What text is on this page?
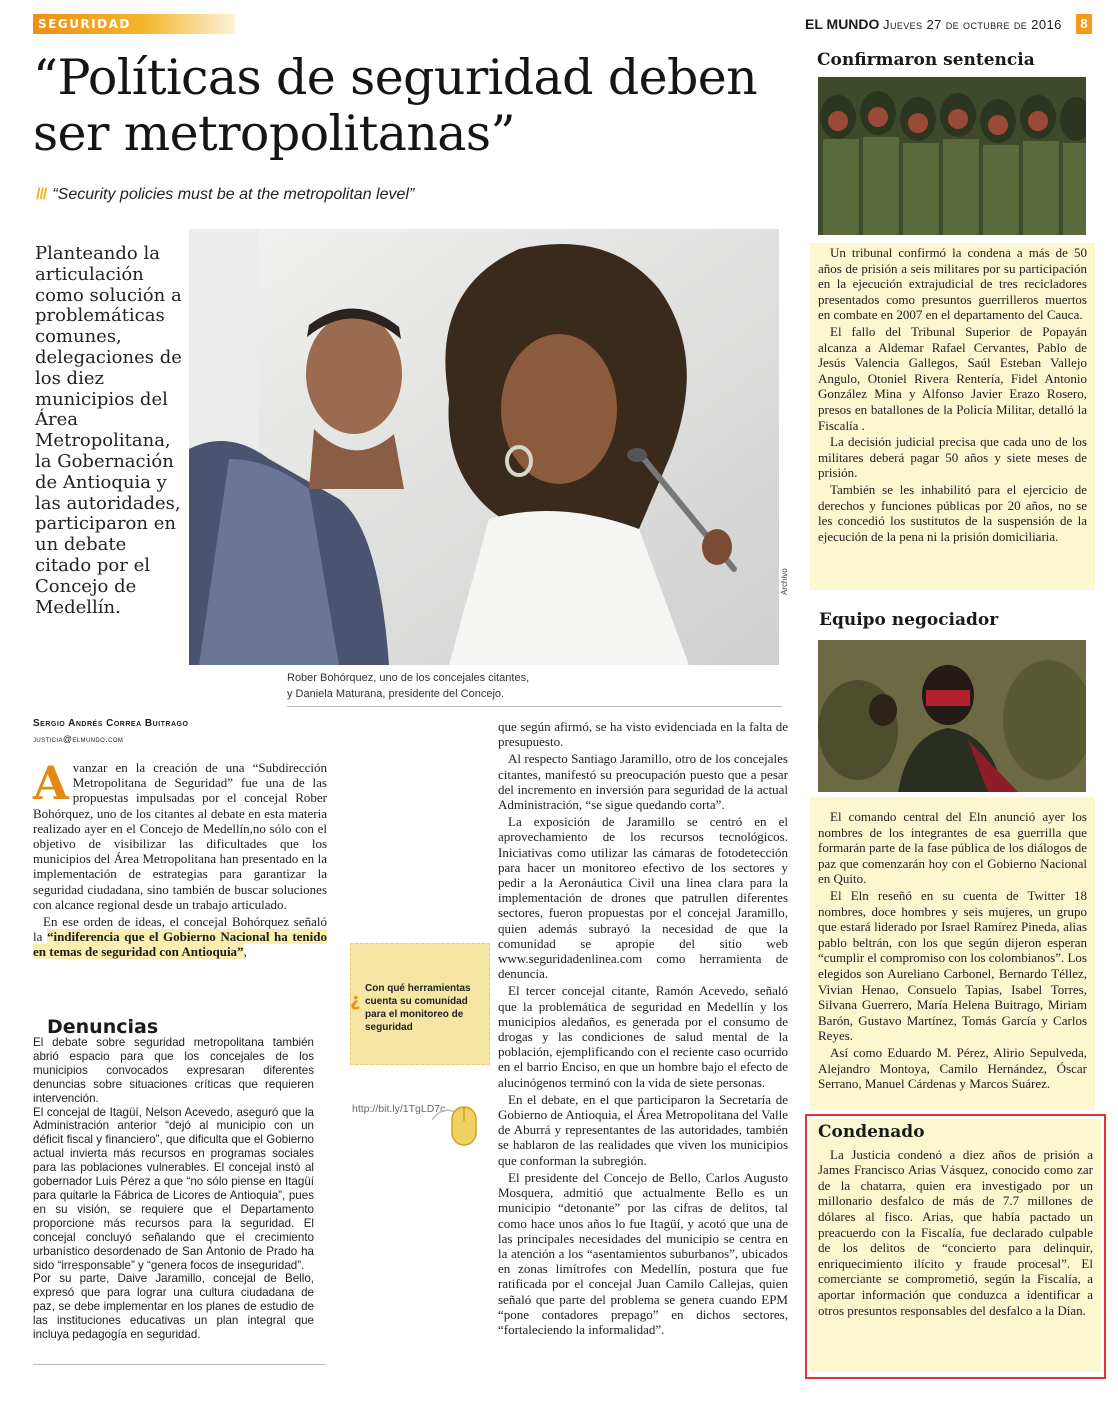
SEGURIDAD	EL MUNDO Jueves 27 de octubre de 2016	8
“Políticas de seguridad deben ser metropolitanas”
/// “Security policies must be at the metropolitan level”
Planteando la articulación como solución a problemáticas comunes, delegaciones de los diez municipios del Área Metropolitana, la Gobernación de Antioquia y las autoridades, participaron en un debate citado por el Concejo de Medellín.
Archivo
Rober Bohórquez, uno de los concejales citantes,
y Daniela Maturana, presidente del Concejo.
Sergio Andrés Correa Buitrago
justicia@elmundo.com
A vanzar en la creación de una “Subdirección Metropolitana de Seguridad” fue una de las propuestas impulsadas por el concejal Rober Bohórquez, uno de los citantes al debate en esta materia realizado ayer en el Concejo de Medellín,no sólo con el objetivo de visibilizar las dificultades que los municipios del Área Metropolitana han presentado en la implementación de estrategias para garantizar la seguridad ciudadana, sino también de buscar soluciones con alcance regional desde un trabajo articulado.

En ese orden de ideas, el concejal Bohórquez señaló la “indiferencia que el Gobierno Nacional ha tenido en temas de seguridad con Antioquia”,

Denuncias

El debate sobre seguridad metropolitana también abrió espacio para que los concejales de los municipios convocados expresaran diferentes denuncias sobre situaciones críticas que requieren intervención.

El concejal de Itagüí, Nelson Acevedo, aseguró que la Administración anterior “dejó al municipio con un déficit fiscal y financiero”, que dificulta que el Gobierno actual invierta más recursos en programas sociales para las poblaciones vulnerables. El concejal instó al gobernador Luis Pérez a que “no sólo piense en Itagüí para quitarle la Fábrica de Licores de Antioquia”, pues en su visión, se requiere que el Departamento proporcione más recursos para la seguridad. El concejal concluyó señalando que el crecimiento urbanístico desordenado de San Antonio de Prado ha sido “irresponsable” y “genera focos de inseguridad”.

Por su parte, Daive Jaramillo, concejal de Bello, expresó que para lograr una cultura ciudadana de paz, se debe implementar en los planes de estudio de las instituciones educativas un plan integral que incluya pedagogía en seguridad.

¿
Con qué herramientas cuenta su comunidad para el monitoreo de seguridad
http://bit.ly/1TgLD7c

que según afirmó, se ha visto evidenciada en la falta de presupuesto.

Al respecto Santiago Jaramillo, otro de los concejales citantes, manifestó su preocupación puesto que a pesar del incremento en inversión para seguridad de la actual Administración, “se sigue quedando corta”.

La exposición de Jaramillo se centró en el aprovechamiento de los recursos tecnológicos. Iniciativas como utilizar las cámaras de fotodetección para hacer un monitoreo efectivo de los sectores y pedir a la Aeronáutica Civil una línea clara para la implementación de drones que patrullen diferentes sectores, fueron propuestas por el concejal Jaramillo, quien además subrayó la necesidad de que la comunidad se apropie del sitio web www.seguridadenlinea.com como herramienta de denuncia.

El tercer concejal citante, Ramón Acevedo, señaló que la problemática de seguridad en Medellín y los municipios aledaños, es generada por el consumo de drogas y las condiciones de salud mental de la población, ejemplificando con el reciente caso ocurrido en el barrio Enciso, en que un hombre bajo el efecto de alucinógenos terminó con la vida de siete personas.

En el debate, en el que participaron la Secretaría de Gobierno de Antioquia, el Área Metropolitana del Valle de Aburrá y representantes de las autoridades, también se hablaron de las realidades que viven los municipios que conforman la subregión.

El presidente del Concejo de Bello, Carlos Augusto Mosquera, admitió que actualmente Bello es un municipio “detonante” por las cifras de delitos, tal como hace unos años lo fue Itagüí, y acotó que una de las principales necesidades del municipio se centra en la atención a los “asentamientos suburbanos”, ubicados en zonas limítrofes con Medellín, postura que fue ratificada por el concejal Juan Camilo Callejas, quien señaló que parte del problema se genera cuando EPM “pone contadores prepago” en dichos sectores, “fortaleciendo la informalidad”.

Confirmaron sentencia

Un tribunal confirmó la condena a más de 50 años de prisión a seis militares por su participación en la ejecución extrajudicial de tres recicladores presentados como presuntos guerrilleros muertos en combate en 2007 en el departamento del Cauca.

El fallo del Tribunal Superior de Popayán alcanza a Aldemar Rafael Cervantes, Pablo de Jesús Valencia Gallegos, Saúl Esteban Vallejo Angulo, Otoniel Rivera Rentería, Fidel Antonio González Mina y Alfonso Javier Erazo Rosero, presos en batallones de la Policía Militar, detalló la Fiscalía .

La decisión judicial precisa que cada uno de los militares deberá pagar 50 años y siete meses de prisión.

También se les inhabilitó para el ejercicio de derechos y funciones públicas por 20 años, no se les concedió los sustitutos de la suspensión de la ejecución de la pena ni la prisión domiciliaria.

Equipo negociador

El comando central del Eln anunció ayer los nombres de los integrantes de esa guerrilla que formarán parte de la fase pública de los diálogos de paz que comenzarán hoy con el Gobierno Nacional en Quito.

El Eln reseñó en su cuenta de Twitter 18 nombres, doce hombres y seis mujeres, un grupo que estará liderado por Israel Ramírez Pineda, alias pablo beltrán, con los que según dijeron esperan “cumplir el compromiso con los colombianos”. Los elegidos son Aureliano Carbonel, Bernardo Téllez, Vivian Henao, Consuelo Tapias, Isabel Torres, Silvana Guerrero, María Helena Buitrago, Miriam Barón, Gustavo Martínez, Tomás García y Carlos Reyes.

Así como Eduardo M. Pérez, Alirio Sepulveda, Alejandro Montoya, Camilo Hernández, Óscar Serrano, Manuel Cárdenas y Marcos Suárez.

Condenado

La Justicia condenó a diez años de prisión a James Francisco Arias Vásquez, conocido como zar de la chatarra, quien era investigado por un millonario desfalco de más de 7.7 millones de dólares al fisco. Arias, que había pactado un preacuerdo con la Fiscalía, fue declarado culpable de los delitos de “concierto para delinquir, enriquecimiento ilícito y fraude procesal”. El comerciante se comprometió, según la Fiscalía, a aportar información que conduzca a identificar a otros presuntos responsables del desfalco a la Dian.
